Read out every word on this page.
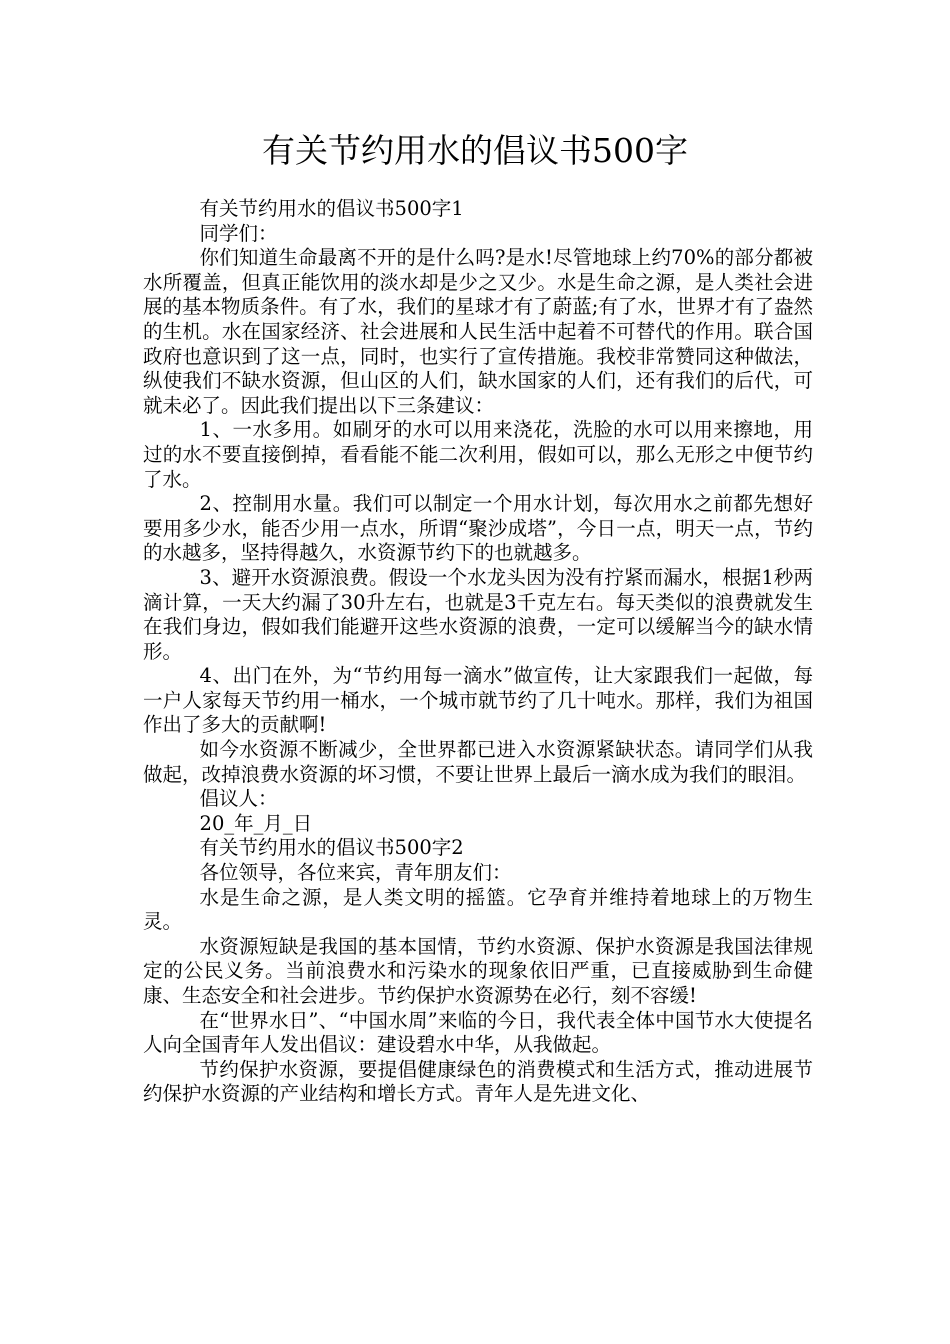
有关节约用水的倡议书500字

有关节约用水的倡议书500字1

同学们：

你们知道生命最离不开的是什么吗?是水!尽管地球上约70%的部分都被水所覆盖，但真正能饮用的淡水却是少之又少。水是生命之源，是人类社会进展的基本物质条件。有了水，我们的星球才有了蔚蓝;有了水，世界才有了盎然的生机。水在国家经济、社会进展和人民生活中起着不可替代的作用。联合国政府也意识到了这一点，同时，也实行了宣传措施。我校非常赞同这种做法，纵使我们不缺水资源，但山区的人们，缺水国家的人们，还有我们的后代，可就未必了。因此我们提出以下三条建议：

1、一水多用。如刷牙的水可以用来浇花，洗脸的水可以用来擦地，用过的水不要直接倒掉，看看能不能二次利用，假如可以，那么无形之中便节约了水。

2、控制用水量。我们可以制定一个用水计划，每次用水之前都先想好要用多少水，能否少用一点水，所谓“聚沙成塔”，今日一点，明天一点，节约的水越多，坚持得越久，水资源节约下的也就越多。

3、避开水资源浪费。假设一个水龙头因为没有拧紧而漏水，根据1秒两滴计算，一天大约漏了30升左右，也就是3千克左右。每天类似的浪费就发生在我们身边，假如我们能避开这些水资源的浪费，一定可以缓解当今的缺水情形。

4、出门在外，为“节约用每一滴水”做宣传，让大家跟我们一起做，每一户人家每天节约用一桶水，一个城市就节约了几十吨水。那样，我们为祖国作出了多大的贡献啊!

如今水资源不断减少，全世界都已进入水资源紧缺状态。请同学们从我做起，改掉浪费水资源的坏习惯，不要让世界上最后一滴水成为我们的眼泪。

倡议人：

20_年_月_日

有关节约用水的倡议书500字2

各位领导，各位来宾，青年朋友们：

水是生命之源，是人类文明的摇篮。它孕育并维持着地球上的万物生灵。

水资源短缺是我国的基本国情，节约水资源、保护水资源是我国法律规定的公民义务。当前浪费水和污染水的现象依旧严重，已直接威胁到生命健康、生态安全和社会进步。节约保护水资源势在必行，刻不容缓!

在“世界水日”、“中国水周”来临的今日，我代表全体中国节水大使提名人向全国青年人发出倡议：建设碧水中华，从我做起。

节约保护水资源，要提倡健康绿色的消费模式和生活方式，推动进展节约保护水资源的产业结构和增长方式。青年人是先进文化、
